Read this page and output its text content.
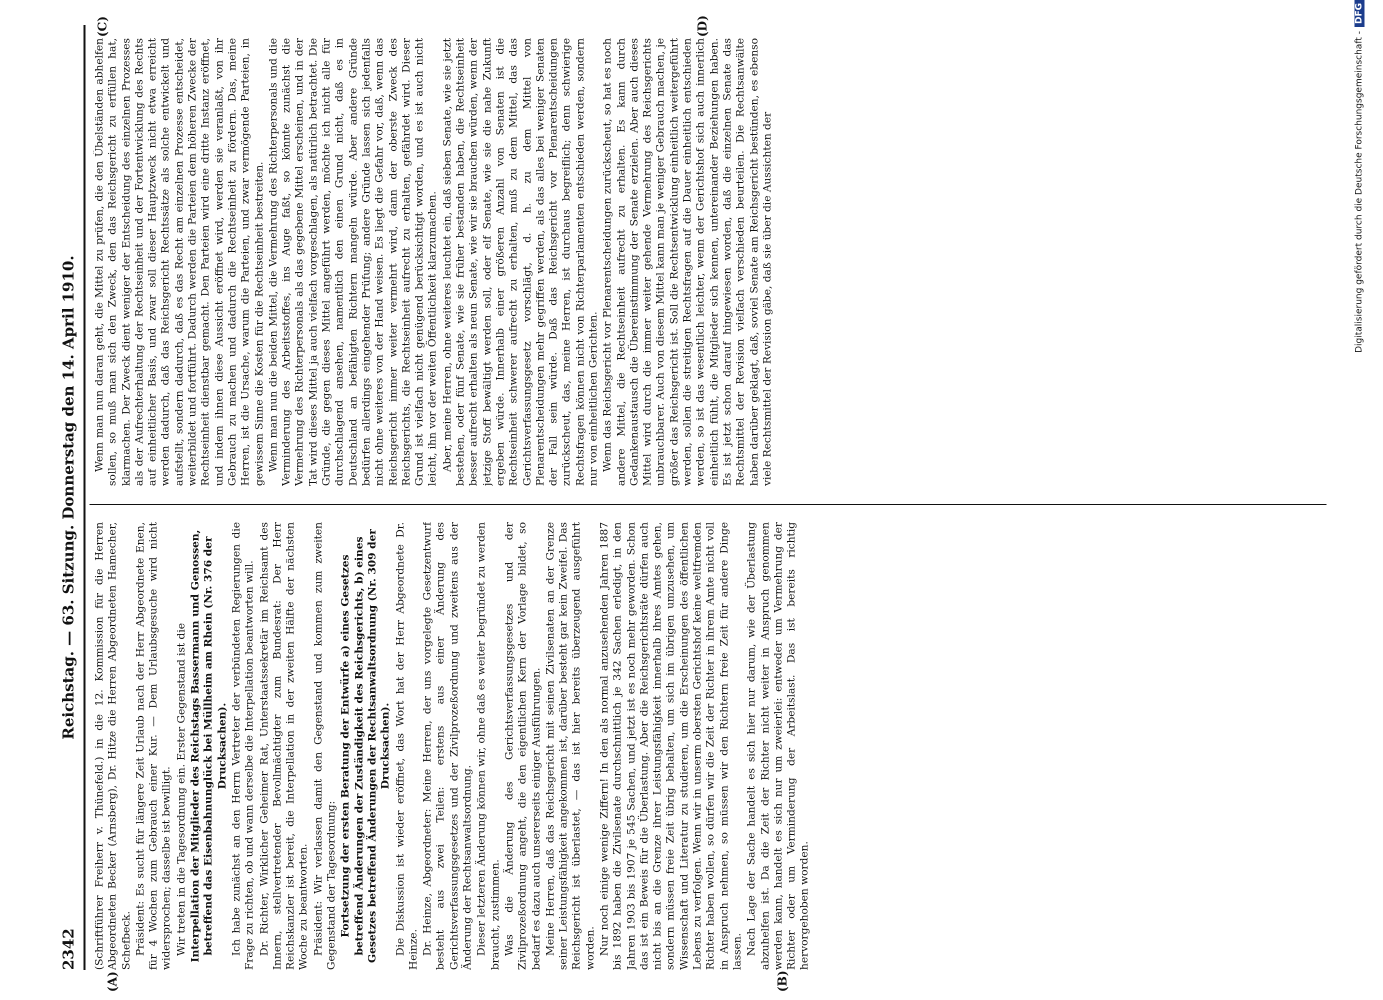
2342
Reichstag. — 63. Sitzung. Donnerstag den 14. April 1910.
(A)	(B)
(C)	(D)

(Schriftführer Freiherr v. Thünefeld.) in die 12. Kommission für die Herren Abgeordneten Becker (Arnsberg), Dr. Hitze die Herren Abgeordneten Hamecher, Schefbeck. Präsident: Es sucht für längere Zeit Urlaub nach der Herr Abgeordnete Enen, für 4 Wochen zum Gebrauch einer Kur. — Dem Urlaubsgesuche wird nicht widersprochen; dasselbe ist bewilligt. Wir treten in die Tagesordnung ein. Erster Gegenstand ist die Interpellation der Mitglieder des Reichstags Bassermann und Genossen, betreffend das Eisenbahnunglück bei Müllheim am Rhein (Nr. 376 der Drucksachen). Ich habe zunächst an den Herrn Vertreter der verbündeten Regierungen die Frage zu richten, ob und wann derselbe die Interpellation beantworten will. Dr. Richter, Wirklicher Geheimer Rat, Unterstaatssekretär im Reichsamt des Innern, stellvertretender Bevollmächtigter zum Bundesrat: Der Herr Reichskanzler ist bereit, die Interpellation in der zweiten Hälfte der nächsten Woche zu beantworten. Präsident: Wir verlassen damit den Gegenstand und kommen zum zweiten Gegenstand der Tagesordnung: Fortsetzung der ersten Beratung der Entwürfe a) eines Gesetzes betreffend Änderungen der Zuständigkeit des Reichsgerichts, b) eines Gesetzes betreffend Änderungen der Rechtsanwaltsordnung (Nr. 309 der Drucksachen). Die Diskussion ist wieder eröffnet, das Wort hat der Herr Abgeordnete Dr. Heinze. Dr. Heinze, Abgeordneter: Meine Herren, der uns vorgelegte Gesetzentwurf besteht aus zwei Teilen: erstens aus einer Änderung des Gerichtsverfassungsgesetzes und der Zivilprozeßordnung und zweitens aus der Änderung der Rechtsanwaltsordnung. Dieser letzteren Änderung können wir, ohne daß es weiter begründet zu werden braucht, zustimmen. Was die Änderung des Gerichtsverfassungsgesetzes und der Zivilprozeßordnung angeht, die den eigentlichen Kern der Vorlage bildet, so bedarf es dazu auch unsererseits einiger Ausführungen. Meine Herren, daß das Reichsgericht mit seinen Zivilsenaten an der Grenze seiner Leistungsfähigkeit angekommen ist, darüber besteht gar kein Zweifel. Das Reichsgericht ist überlastet, — das ist hier bereits überzeugend ausgeführt worden. Nur noch einige wenige Ziffern! In den als normal anzusehenden Jahren 1887 bis 1892 haben die Zivilsenate durchschnittlich je 342 Sachen erledigt, in den Jahren 1903 bis 1907 je 545 Sachen, und jetzt ist es noch mehr geworden. Schon das ist ein Beweis für die Überlastung. Aber die Reichsgerichtsräte dürfen auch nicht bis an die Grenze ihrer Leistungsfähigkeit innerhalb ihres Amtes gehen, sondern müssen freie Zeit übrig behalten, um sich im übrigen umzusehen, um Wissenschaft und Literatur zu studieren, um die Erscheinungen des öffentlichen Lebens zu verfolgen. Wenn wir in unserm obersten Gerichtshof keine weltfremden Richter haben wollen, so dürfen wir die Zeit der Richter in ihrem Amte nicht voll in Anspruch nehmen, so müssen wir den Richtern freie Zeit für andere Dinge lassen. Nach Lage der Sache handelt es sich hier nur darum, wie der Überlastung abzuhelfen ist. Da die Zeit der Richter nicht weiter in Anspruch genommen werden kann, handelt es sich nur um zweierlei: entweder um Vermehrung der Richter oder um Verminderung der Arbeitslast. Das ist bereits richtig hervorgehoben worden.

Wenn man nun daran geht, die Mittel zu prüfen, die den Übelständen abhelfen sollen, so muß man sich den Zweck, den das Reichsgericht zu erfüllen hat, klarmachen. Der Zweck dient weniger der Entscheidung des einzelnen Prozesses als der Aufrechterhaltung der Rechtseinheit und der Fortentwicklung des Rechts auf einheitlicher Basis, und zwar soll dieser Hauptzweck nicht etwa erreicht werden dadurch, daß das Reichsgericht Rechtssätze als solche entwickelt und aufstellt, sondern dadurch, daß es das Recht am einzelnen Prozesse entscheidet, weiterbildet und fortführt. Dadurch werden die Parteien dem höheren Zwecke der Rechtseinheit dienstbar gemacht. Den Parteien wird eine dritte Instanz eröffnet, und indem ihnen diese Aussicht eröffnet wird, werden sie veranlaßt, von ihr Gebrauch zu machen und dadurch die Rechtseinheit zu fördern. Das, meine Herren, ist die Ursache, warum die Parteien, und zwar vermögende Parteien, in gewissem Sinne die Kosten für die Rechtseinheit bestreiten. Wenn man nun die beiden Mittel, die Vermehrung des Richterpersonals und die Verminderung des Arbeitsstoffes, ins Auge faßt, so könnte zunächst die Vermehrung des Richterpersonals als das gegebene Mittel erscheinen, und in der Tat wird dieses Mittel ja auch vielfach vorgeschlagen, als natürlich betrachtet. Die Gründe, die gegen dieses Mittel angeführt werden, möchte ich nicht alle für durchschlagend ansehen, namentlich den einen Grund nicht, daß es in Deutschland an befähigten Richtern mangeln würde. Aber andere Gründe bedürfen allerdings eingehender Prüfung; andere Gründe lassen sich jedenfalls nicht ohne weiteres von der Hand weisen. Es liegt die Gefahr vor, daß, wenn das Reichsgericht immer weiter vermehrt wird, dann der oberste Zweck des Reichsgerichts, die Rechtseinheit aufrecht zu erhalten, gefährdet wird. Dieser Grund ist vielfach nicht genügend berücksichtigt worden, und es ist auch nicht leicht, ihn vor der weiten Öffentlichkeit klarzumachen. Aber, meine Herren, ohne weiteres leuchtet ein, daß sieben Senate, wie sie jetzt bestehen, oder fünf Senate, wie sie früher bestanden haben, die Rechtseinheit besser aufrecht erhalten als neun Senate, wie wir sie brauchen würden, wenn der jetzige Stoff bewältigt werden soll, oder elf Senate, wie sie die nahe Zukunft ergeben würde. Innerhalb einer größeren Anzahl von Senaten ist die Rechtseinheit schwerer aufrecht zu erhalten, muß zu dem Mittel, das das Gerichtsverfassungsgesetz vorschlägt, d. h. zu dem Mittel von Plenarentscheidungen mehr gegriffen werden, als das alles bei weniger Senaten der Fall sein würde. Daß das Reichsgericht vor Plenarentscheidungen zurückscheut, das, meine Herren, ist durchaus begreiflich; denn schwierige Rechtsfragen können nicht von Richterparlamenten entschieden werden, sondern nur von einheitlichen Gerichten. Wenn das Reichsgericht vor Plenarentscheidungen zurückscheut, so hat es noch andere Mittel, die Rechtseinheit aufrecht zu erhalten. Es kann durch Gedankenaustausch die Übereinstimmung der Senate erzielen. Aber auch dieses Mittel wird durch die immer weiter gehende Vermehrung des Reichsgerichts unbrauchbarer. Auch von diesem Mittel kann man je weniger Gebrauch machen, je größer das Reichsgericht ist. Soll die Rechtsentwicklung einheitlich weitergeführt werden, sollen die streitigen Rechtsfragen auf die Dauer einheitlich entschieden werden, so ist das wesentlich leichter, wenn der Gerichtshof sich auch innerlich einheitlich fühlt, die Mitglieder sich kennen, untereinander Beziehungen haben. Es ist jetzt schon darauf hingewiesen worden, daß die einzelnen Senate das Rechtsmittel der Revision vielfach verschieden beurteilen. Die Rechtsanwälte haben darüber geklagt, daß, soviel Senate am Reichsgericht bestünden, es ebenso viele Rechtsmittel der Revision gäbe, daß sie über die Aussichten der	Digitalisierung gefördert durch die Deutsche Forschungsgemeinschaft -DFG
